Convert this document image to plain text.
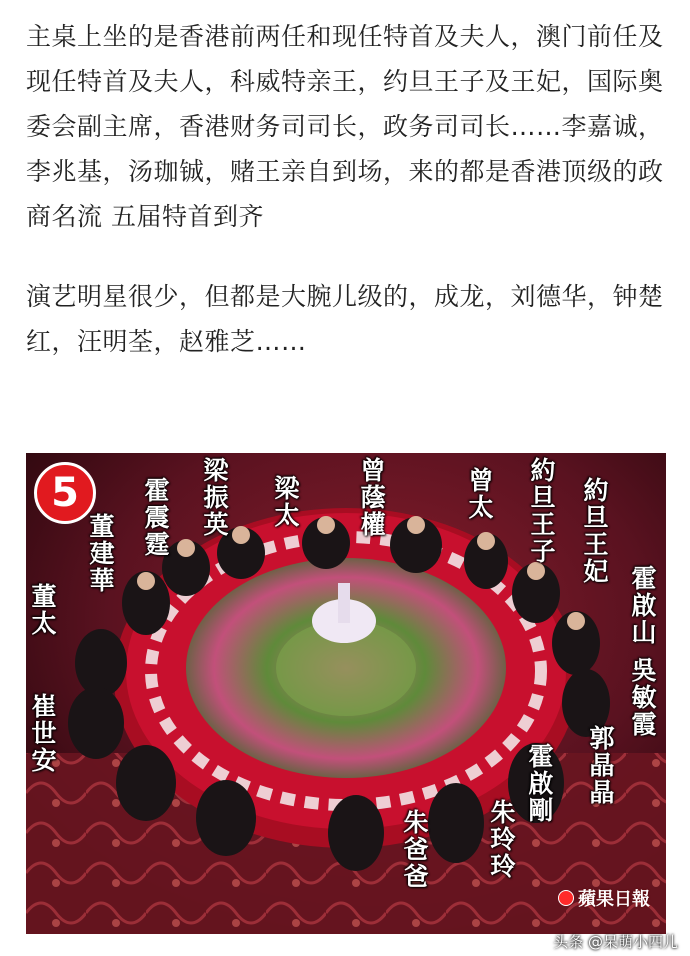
主桌上坐的是香港前两任和现任特首及夫人，澳门前任及现任特首及夫人，科威特亲王，约旦王子及王妃，国际奥委会副主席，香港财务司司长，政务司司长……李嘉诚，李兆基，汤珈铖，赌王亲自到场，来的都是香港顶级的政商名流 五届特首到齐

演艺明星很少，但都是大腕儿级的，成龙，刘德华，钟楚红，汪明荃，赵雅芝……

5
董太
崔世安
董建華
霍震霆
梁振英
梁太
曾蔭權
曾太
約旦王子
約旦王妃 霍啟山
吳敏霞
郭晶晶
霍啟剛
朱玲玲
朱爸爸
蘋果日報
头条 @呆萌小四儿
